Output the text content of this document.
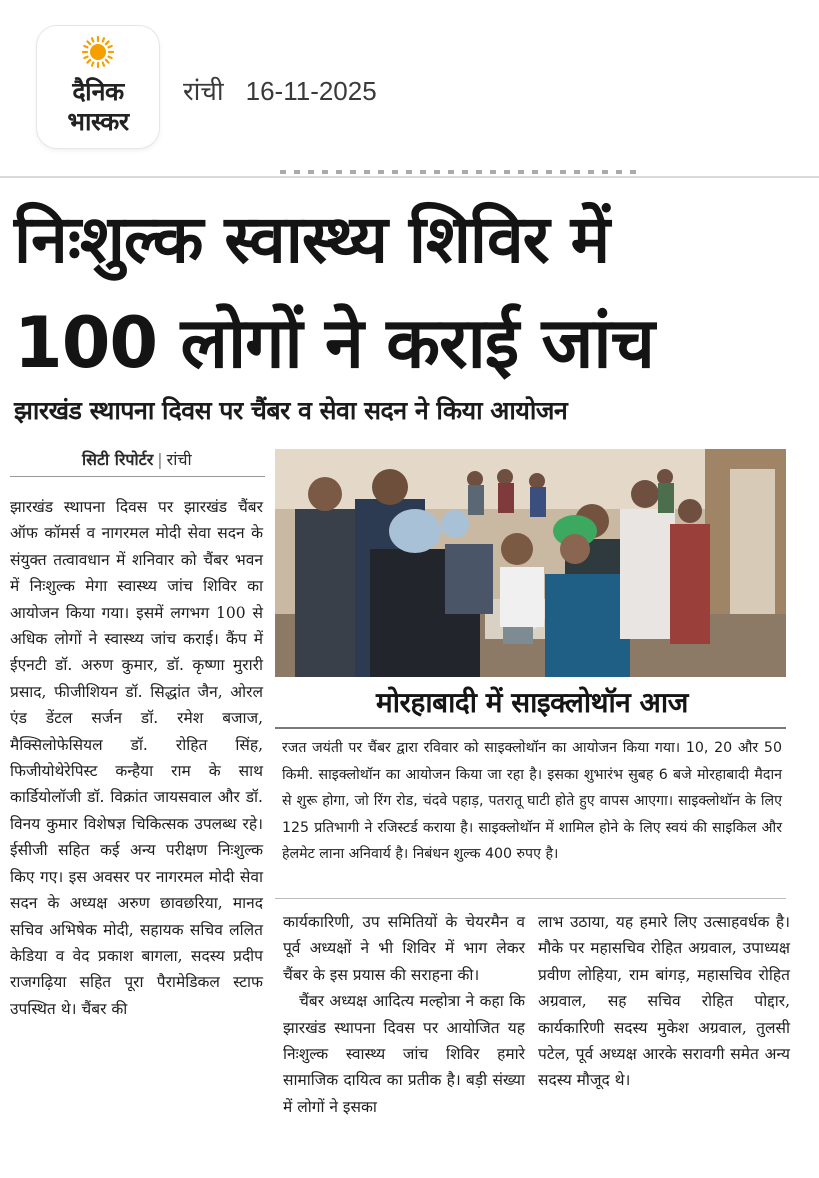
दैनिक
भास्कर
रांची 16-11-2025
निःशुल्क स्वास्थ्य शिविर में
100 लोगों ने कराई जांच
झारखंड स्थापना दिवस पर चैंबर व सेवा सदन ने किया आयोजन
सिटी रिपोर्टर | रांची

झारखंड स्थापना दिवस पर झारखंड चैंबर ऑफ कॉमर्स व नागरमल मोदी सेवा सदन के संयुक्त तत्वावधान में शनिवार को चैंबर भवन में निःशुल्क मेगा स्वास्थ्य जांच शिविर का आयोजन किया गया। इसमें लगभग 100 से अधिक लोगों ने स्वास्थ्य जांच कराई। कैंप में ईएनटी डॉ. अरुण कुमार, डॉ. कृष्णा मुरारी प्रसाद, फीजीशियन डॉ. सिद्धांत जैन, ओरल एंड डेंटल सर्जन डॉ. रमेश बजाज, मैक्सिलोफेसियल डॉ. रोहित सिंह, फिजीयोथेरेपिस्ट कन्हैया राम के साथ कार्डियोलॉजी डॉ. विक्रांत जायसवाल और डॉ. विनय कुमार विशेषज्ञ चिकित्सक उपलब्ध रहे। ईसीजी सहित कई अन्य परीक्षण निःशुल्क किए गए। इस अवसर पर नागरमल मोदी सेवा सदन के अध्यक्ष अरुण छावछरिया, मानद सचिव अभिषेक मोदी, सहायक सचिव ललित केडिया व वेद प्रकाश बागला, सदस्य प्रदीप राजगढ़िया सहित पूरा पैरामेडिकल स्टाफ उपस्थित थे। चैंबर की

मोरहाबादी में साइक्लोथॉन आज
रजत जयंती पर चैंबर द्वारा रविवार को साइक्लोथॉन का आयोजन किया गया। 10, 20 और 50 किमी. साइक्लोथॉन का आयोजन किया जा रहा है। इसका शुभारंभ सुबह 6 बजे मोरहाबादी मैदान से शुरू होगा, जो रिंग रोड, चंदवे पहाड़, पतरातू घाटी होते हुए वापस आएगा। साइक्लोथॉन के लिए 125 प्रतिभागी ने रजिस्टर्ड कराया है। साइक्लोथॉन में शामिल होने के लिए स्वयं की साइकिल और हेलमेट लाना अनिवार्य है। निबंधन शुल्क 400 रुपए है।

कार्यकारिणी, उप समितियों के चेयरमैन व पूर्व अध्यक्षों ने भी शिविर में भाग लेकर चैंबर के इस प्रयास की सराहना की।

चैंबर अध्यक्ष आदित्य मल्होत्रा ने कहा कि झारखंड स्थापना दिवस पर आयोजित यह निःशुल्क स्वास्थ्य जांच शिविर हमारे सामाजिक दायित्व का प्रतीक है। बड़ी संख्या में लोगों ने इसका

लाभ उठाया, यह हमारे लिए उत्साहवर्धक है। मौके पर महासचिव रोहित अग्रवाल, उपाध्यक्ष प्रवीण लोहिया, राम बांगड़, महासचिव रोहित अग्रवाल, सह सचिव रोहित पोद्दार, कार्यकारिणी सदस्य मुकेश अग्रवाल, तुलसी पटेल, पूर्व अध्यक्ष आरके सरावगी समेत अन्य सदस्य मौजूद थे।
